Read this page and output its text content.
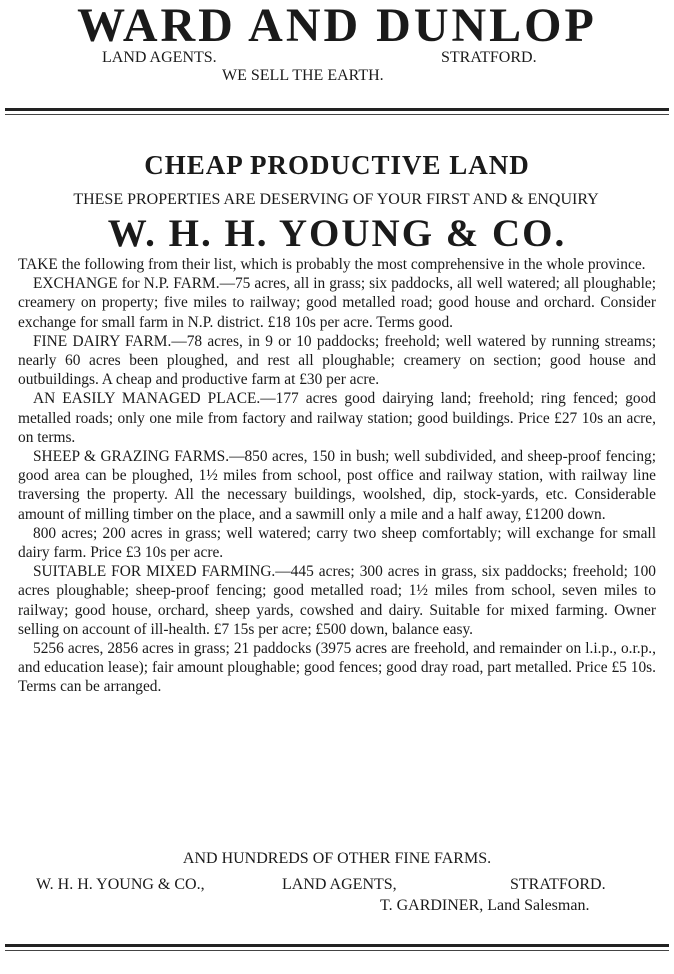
WARD AND DUNLOP
LAND AGENTS.	STRATFORD.
WE SELL THE EARTH.
CHEAP PRODUCTIVE LAND
THESE PROPERTIES ARE DESERVING OF YOUR FIRST AND & ENQUIRY
W. H. H. YOUNG & CO.

TAKE the following from their list, which is probably the most comprehensive in the whole province.

EXCHANGE for N.P. FARM.—75 acres, all in grass; six paddocks, all well watered; all ploughable; creamery on property; five miles to railway; good metalled road; good house and orchard. Consider exchange for small farm in N.P. district. £18 10s per acre. Terms good.

FINE DAIRY FARM.—78 acres, in 9 or 10 paddocks; freehold; well watered by running streams; nearly 60 acres been ploughed, and rest all ploughable; creamery on section; good house and outbuildings. A cheap and productive farm at £30 per acre.

AN EASILY MANAGED PLACE.—177 acres good dairying land; freehold; ring fenced; good metalled roads; only one mile from factory and railway station; good buildings. Price £27 10s an acre, on terms.

SHEEP & GRAZING FARMS.—850 acres, 150 in bush; well subdivided, and sheep-proof fencing; good area can be ploughed, 1½ miles from school, post office and railway station, with railway line traversing the property. All the necessary buildings, woolshed, dip, stock-yards, etc. Considerable amount of milling timber on the place, and a sawmill only a mile and a half away, £1200 down.

800 acres; 200 acres in grass; well watered; carry two sheep comfortably; will exchange for small dairy farm. Price £3 10s per acre.

SUITABLE FOR MIXED FARMING.—445 acres; 300 acres in grass, six paddocks; freehold; 100 acres ploughable; sheep-proof fencing; good metalled road; 1½ miles from school, seven miles to railway; good house, orchard, sheep yards, cowshed and dairy. Suitable for mixed farming. Owner selling on account of ill-health. £7 15s per acre; £500 down, balance easy.

5256 acres, 2856 acres in grass; 21 paddocks (3975 acres are freehold, and remainder on l.i.p., o.r.p., and education lease); fair amount ploughable; good fences; good dray road, part metalled. Price £5 10s. Terms can be arranged.

AND HUNDREDS OF OTHER FINE FARMS.
W. H. H. YOUNG & CO.,	LAND AGENTS,	STRATFORD.
T. GARDINER, Land Salesman.
